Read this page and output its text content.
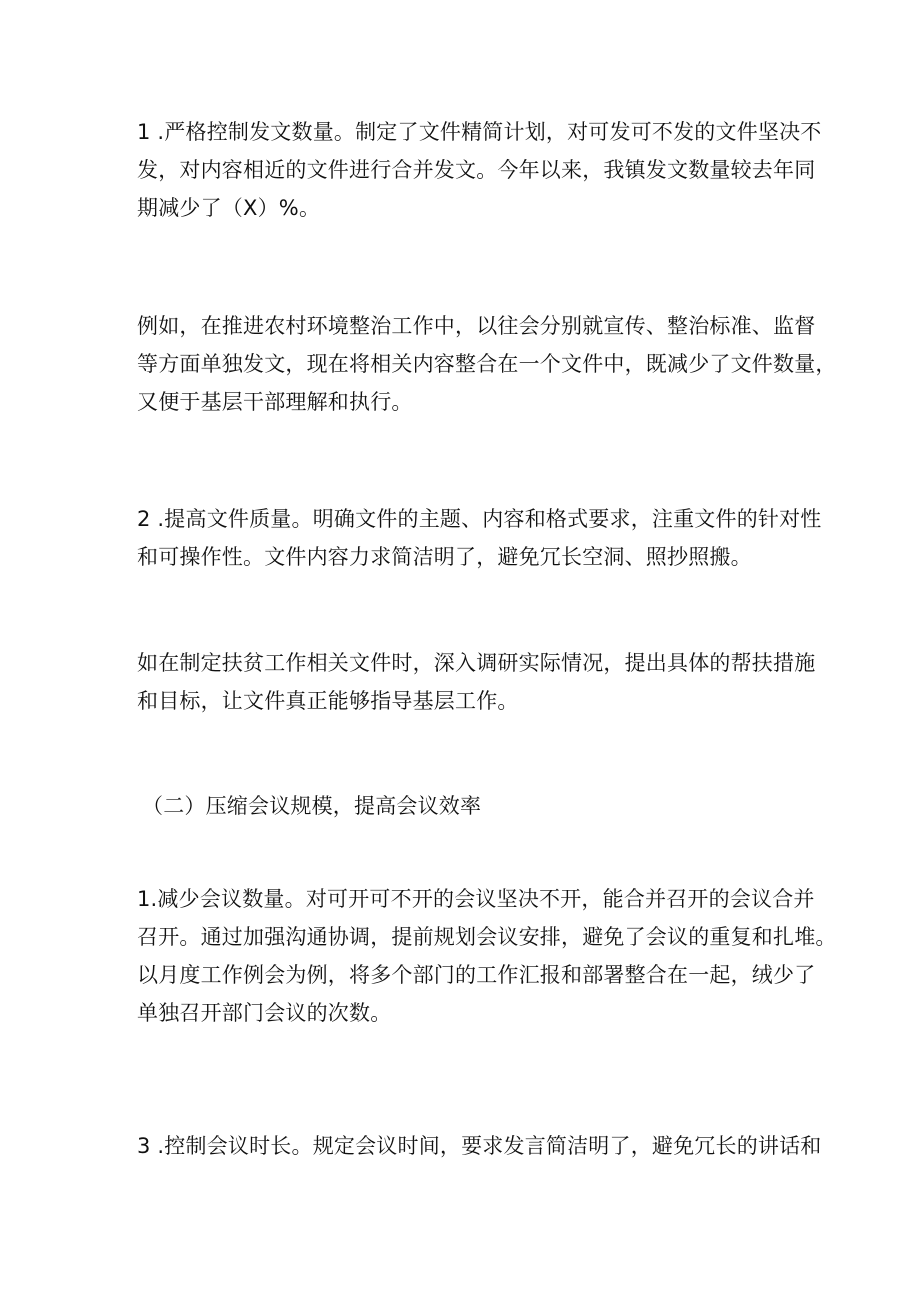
1 .严格控制发文数量。制定了文件精简计划，对可发可不发的文件坚决不
发，对内容相近的文件进行合并发文。今年以来，我镇发文数量较去年同
期减少了（X）%。

例如，在推进农村环境整治工作中，以往会分别就宣传、整治标准、监督
等方面单独发文，现在将相关内容整合在一个文件中，既减少了文件数量，
又便于基层干部理解和执行。

2 .提高文件质量。明确文件的主题、内容和格式要求，注重文件的针对性
和可操作性。文件内容力求简洁明了，避免冗长空洞、照抄照搬。

如在制定扶贫工作相关文件时，深入调研实际情况，提出具体的帮扶措施
和目标，让文件真正能够指导基层工作。

（二）压缩会议规模，提高会议效率

1.减少会议数量。对可开可不开的会议坚决不开，能合并召开的会议合并
召开。通过加强沟通协调，提前规划会议安排，避免了会议的重复和扎堆。
以月度工作例会为例，将多个部门的工作汇报和部署整合在一起，绒少了
单独召开部门会议的次数。

3 .控制会议时长。规定会议时间，要求发言简洁明了，避免冗长的讲话和
